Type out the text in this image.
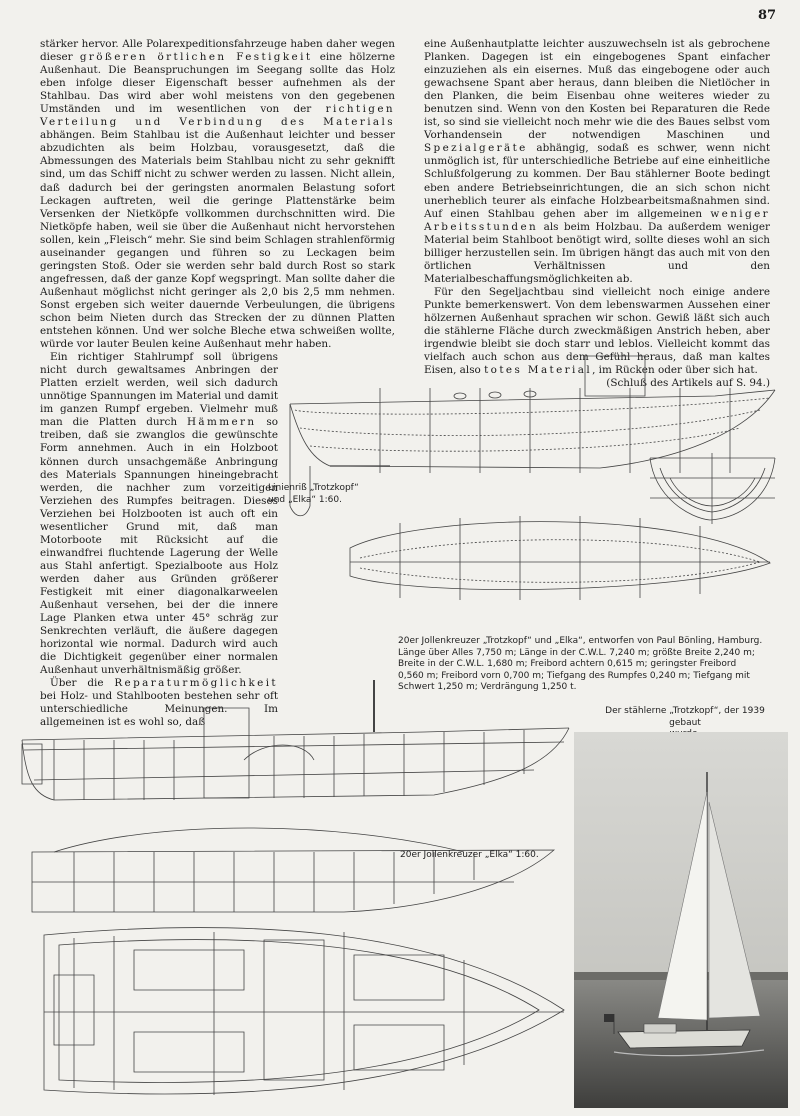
87

stärker hervor. Alle Polarexpeditionsfahrzeuge haben daher wegen dieser größeren örtlichen Festigkeit eine hölzerne Außenhaut. Die Beanspruchungen im Seegang sollte das Holz eben infolge dieser Eigenschaft besser aufnehmen als der Stahlbau. Das wird aber wohl meistens von den gegebenen Umständen und im wesentlichen von der richtigen Verteilung und Verbindung des Materials abhängen. Beim Stahlbau ist die Außenhaut leichter und besser abzudichten als beim Holzbau, vorausgesetzt, daß die Abmessungen des Materials beim Stahlbau nicht zu sehr geknifft sind, um das Schiff nicht zu schwer werden zu lassen. Nicht allein, daß dadurch bei der geringsten anormalen Belastung sofort Leckagen auftreten, weil die geringe Plattenstärke beim Versenken der Nietköpfe vollkommen durchschnitten wird. Die Nietköpfe haben, weil sie über die Außenhaut nicht hervorstehen sollen, kein „Fleisch“ mehr. Sie sind beim Schlagen strahlenförmig auseinander gegangen und führen so zu Leckagen beim geringsten Stoß. Oder sie werden sehr bald durch Rost so stark angefressen, daß der ganze Kopf wegspringt. Man sollte daher die Außenhaut möglichst nicht geringer als 2,0 bis 2,5 mm nehmen. Sonst ergeben sich weiter dauernde Verbeulungen, die übrigens schon beim Nieten durch das Strecken der zu dünnen Platten entstehen können. Und wer solche Bleche etwa schweißen wollte, würde vor lauter Beulen keine Außenhaut mehr haben.

Ein richtiger Stahlrumpf soll übrigens nicht durch gewaltsames Anbringen der Platten erzielt werden, weil sich dadurch unnötige Spannungen im Material und damit im ganzen Rumpf ergeben. Vielmehr muß man die Platten durch Hämmern so treiben, daß sie zwanglos die gewünschte Form annehmen. Auch in ein Holzboot können durch unsachgemäße Anbringung des Materials Spannungen hineingebracht werden, die nachher zum vorzeitigen Verziehen des Rumpfes beitragen. Dieses Verziehen bei Holzbooten ist auch oft ein wesentlicher Grund mit, daß man Motorboote mit Rücksicht auf die einwandfrei fluchtende Lagerung der Welle aus Stahl anfertigt. Spezialboote aus Holz werden daher aus Gründen größerer Festigkeit mit einer diagonalkarweelen Außenhaut versehen, bei der die innere Lage Planken etwa unter 45° schräg zur Senkrechten verläuft, die äußere dagegen horizontal wie normal. Dadurch wird auch die Dichtigkeit gegenüber einer normalen Außenhaut unverhältnismäßig größer.

Über die Reparaturmöglichkeit bei Holz- und Stahlbooten bestehen sehr oft unterschiedliche Meinungen. Im allgemeinen ist es wohl so, daß

eine Außenhautplatte leichter auszuwechseln ist als gebrochene Planken. Dagegen ist ein eingebogenes Spant einfacher einzuziehen als ein eisernes. Muß das eingebogene oder auch gewachsene Spant aber heraus, dann bleiben die Nietlöcher in den Planken, die beim Eisenbau ohne weiteres wieder zu benutzen sind. Wenn von den Kosten bei Reparaturen die Rede ist, so sind sie vielleicht noch mehr wie die des Baues selbst vom Vorhandensein der notwendigen Maschinen und Spezialgeräte abhängig, sodaß es schwer, wenn nicht unmöglich ist, für unterschiedliche Betriebe auf eine einheitliche Schlußfolgerung zu kommen. Der Bau stählerner Boote bedingt eben andere Betriebseinrichtungen, die an sich schon nicht unerheblich teurer als einfache Holzbearbeitsmaßnahmen sind. Auf einen Stahlbau gehen aber im allgemeinen weniger Arbeitsstunden als beim Holzbau. Da außerdem weniger Material beim Stahlboot benötigt wird, sollte dieses wohl an sich billiger herzustellen sein. Im übrigen hängt das auch mit von den örtlichen Verhältnissen und den Materialbeschaffungsmöglichkeiten ab.

Für den Segeljachtbau sind vielleicht noch einige andere Punkte bemerkenswert. Von dem lebenswarmen Aussehen einer hölzernen Außenhaut sprachen wir schon. Gewiß läßt sich auch die stählerne Fläche durch zweckmäßigen Anstrich heben, aber irgendwie bleibt sie doch starr und leblos. Vielleicht kommt das vielfach auch schon aus dem Gefühl heraus, daß man kaltes Eisen, also totes Material, im Rücken oder über sich hat.

(Schluß des Artikels auf S. 94.)

Linienriß „Trotzkopf“
und „Elka“ 1:60.
20er Jollenkreuzer „Trotzkopf“ und „Elka“, entworfen von Paul Bönling, Hamburg.
Länge über Alles 7,750 m; Länge in der C.W.L. 7,240 m; größte Breite 2,240 m;
Breite in der C.W.L. 1,680 m; Freibord achtern 0,615 m; geringster Freibord
0,560 m; Freibord vorn 0,700 m; Tiefgang des Rumpfes 0,240 m; Tiefgang mit
Schwert 1,250 m; Verdrängung 1,250 t.
Der stählerne „Trotzkopf“, der 1939 gebaut
20er Jollenkreuzer „Elka“ 1:60.
